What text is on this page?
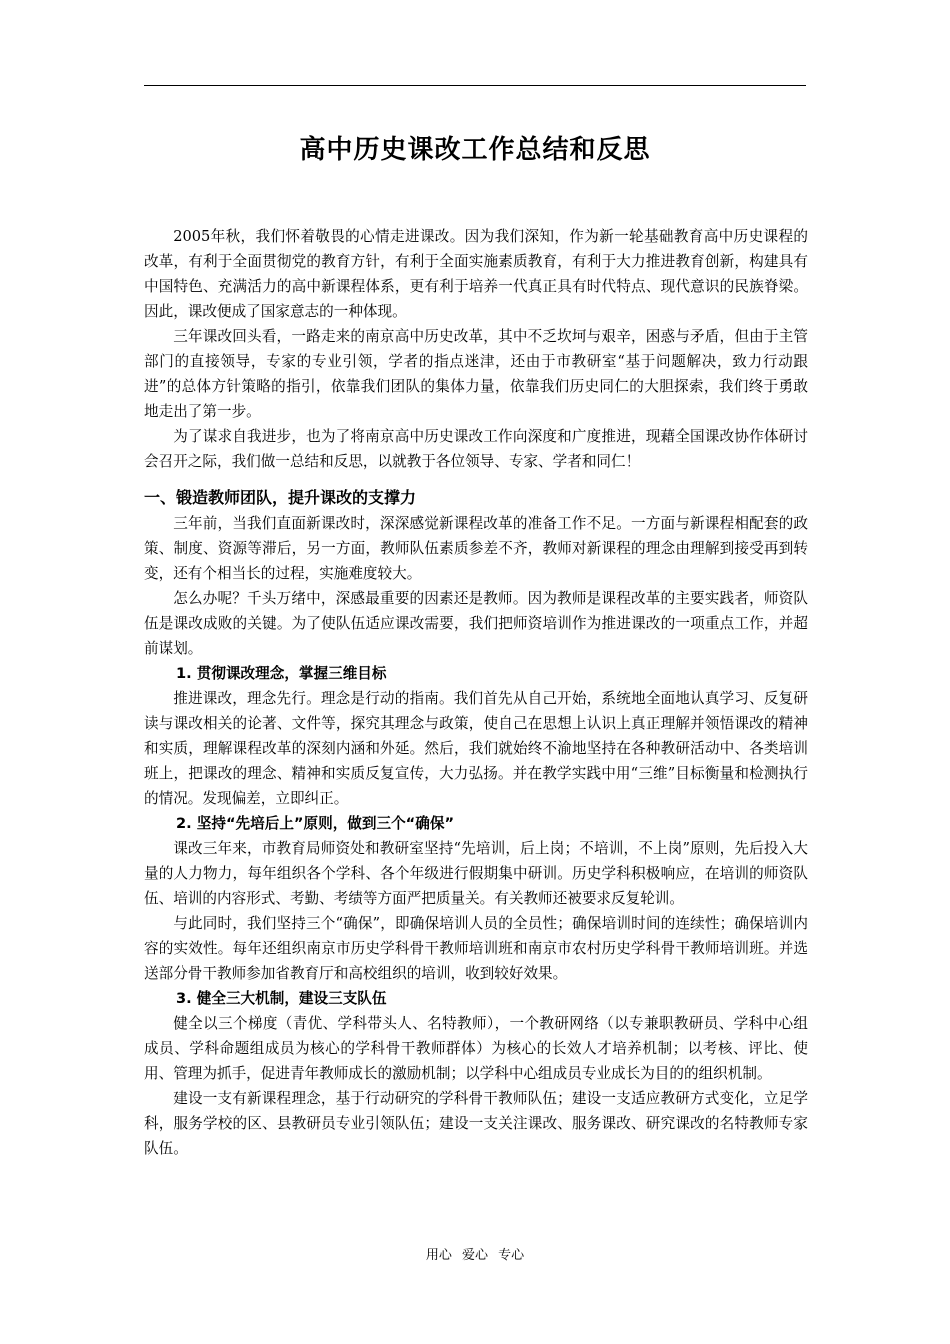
高中历史课改工作总结和反思

2005年秋，我们怀着敬畏的心情走进课改。因为我们深知，作为新一轮基础教育高中历史课程的改革，有利于全面贯彻党的教育方针，有利于全面实施素质教育，有利于大力推进教育创新，构建具有中国特色、充满活力的高中新课程体系，更有利于培养一代真正具有时代特点、现代意识的民族脊梁。因此，课改便成了国家意志的一种体现。

三年课改回头看，一路走来的南京高中历史改革，其中不乏坎坷与艰辛，困惑与矛盾，但由于主管部门的直接领导，专家的专业引领，学者的指点迷津，还由于市教研室“基于问题解决，致力行动跟进”的总体方针策略的指引，依靠我们团队的集体力量，依靠我们历史同仁的大胆探索，我们终于勇敢地走出了第一步。

为了谋求自我进步，也为了将南京高中历史课改工作向深度和广度推进，现藉全国课改协作体研讨会召开之际，我们做一总结和反思，以就教于各位领导、专家、学者和同仁！

一、锻造教师团队，提升课改的支撑力

三年前，当我们直面新课改时，深深感觉新课程改革的准备工作不足。一方面与新课程相配套的政策、制度、资源等滞后，另一方面，教师队伍素质参差不齐，教师对新课程的理念由理解到接受再到转变，还有个相当长的过程，实施难度较大。

怎么办呢？千头万绪中，深感最重要的因素还是教师。因为教师是课程改革的主要实践者，师资队伍是课改成败的关键。为了使队伍适应课改需要，我们把师资培训作为推进课改的一项重点工作，并超前谋划。

1. 贯彻课改理念，掌握三维目标

推进课改，理念先行。理念是行动的指南。我们首先从自己开始，系统地全面地认真学习、反复研读与课改相关的论著、文件等，探究其理念与政策，使自己在思想上认识上真正理解并领悟课改的精神和实质，理解课程改革的深刻内涵和外延。然后，我们就始终不渝地坚持在各种教研活动中、各类培训班上，把课改的理念、精神和实质反复宣传，大力弘扬。并在教学实践中用“三维”目标衡量和检测执行的情况。发现偏差，立即纠正。

2. 坚持“先培后上”原则，做到三个“确保”

课改三年来，市教育局师资处和教研室坚持“先培训，后上岗；不培训，不上岗”原则，先后投入大量的人力物力，每年组织各个学科、各个年级进行假期集中研训。历史学科积极响应，在培训的师资队伍、培训的内容形式、考勤、考绩等方面严把质量关。有关教师还被要求反复轮训。

与此同时，我们坚持三个“确保”，即确保培训人员的全员性；确保培训时间的连续性；确保培训内容的实效性。每年还组织南京市历史学科骨干教师培训班和南京市农村历史学科骨干教师培训班。并选送部分骨干教师参加省教育厅和高校组织的培训，收到较好效果。

3. 健全三大机制，建设三支队伍

健全以三个梯度（青优、学科带头人、名特教师），一个教研网络（以专兼职教研员、学科中心组成员、学科命题组成员为核心的学科骨干教师群体）为核心的长效人才培养机制；以考核、评比、使用、管理为抓手，促进青年教师成长的激励机制；以学科中心组成员专业成长为目的的组织机制。

建设一支有新课程理念，基于行动研究的学科骨干教师队伍；建设一支适应教研方式变化，立足学科，服务学校的区、县教研员专业引领队伍；建设一支关注课改、服务课改、研究课改的名特教师专家队伍。

用心 爱心 专心
